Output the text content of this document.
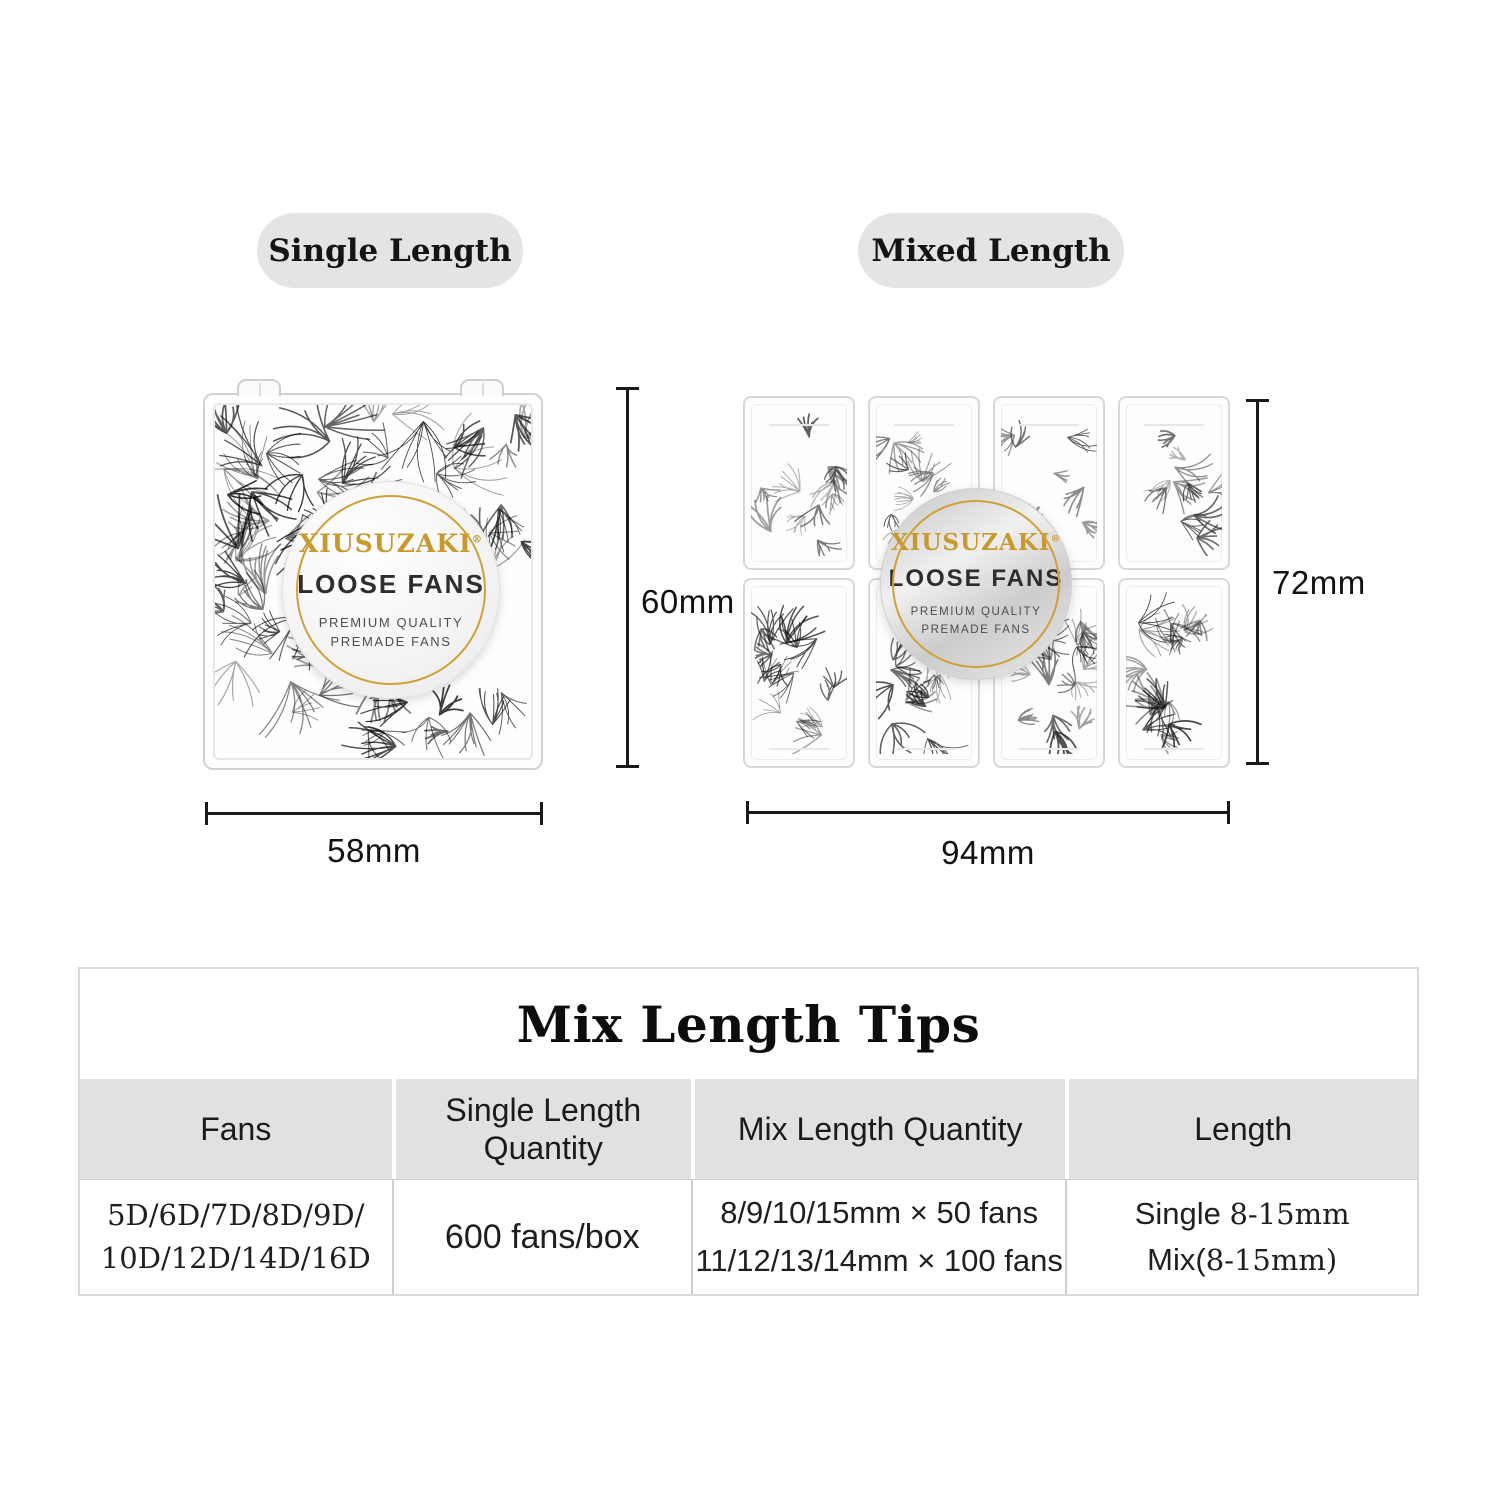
Single Length	Mixed Length
XIUSUZAKI®
LOOSE FANS
PREMIUM QUALITY
PREMADE FANS
XIUSUZAKI®
LOOSE FANS
PREMIUM QUALITY
PREMADE FANS
60mm
58mm
72mm
94mm
Mix Length Tips
Fans
Single Length Quantity
Mix Length Quantity	Length
5D/6D/7D/8D/9D/
10D/12D/14D/16D
600 fans/box
8/9/10/15mm × 50 fans
11/12/13/14mm × 100 fans
Single 8-15mm
Mix(8-15mm)
